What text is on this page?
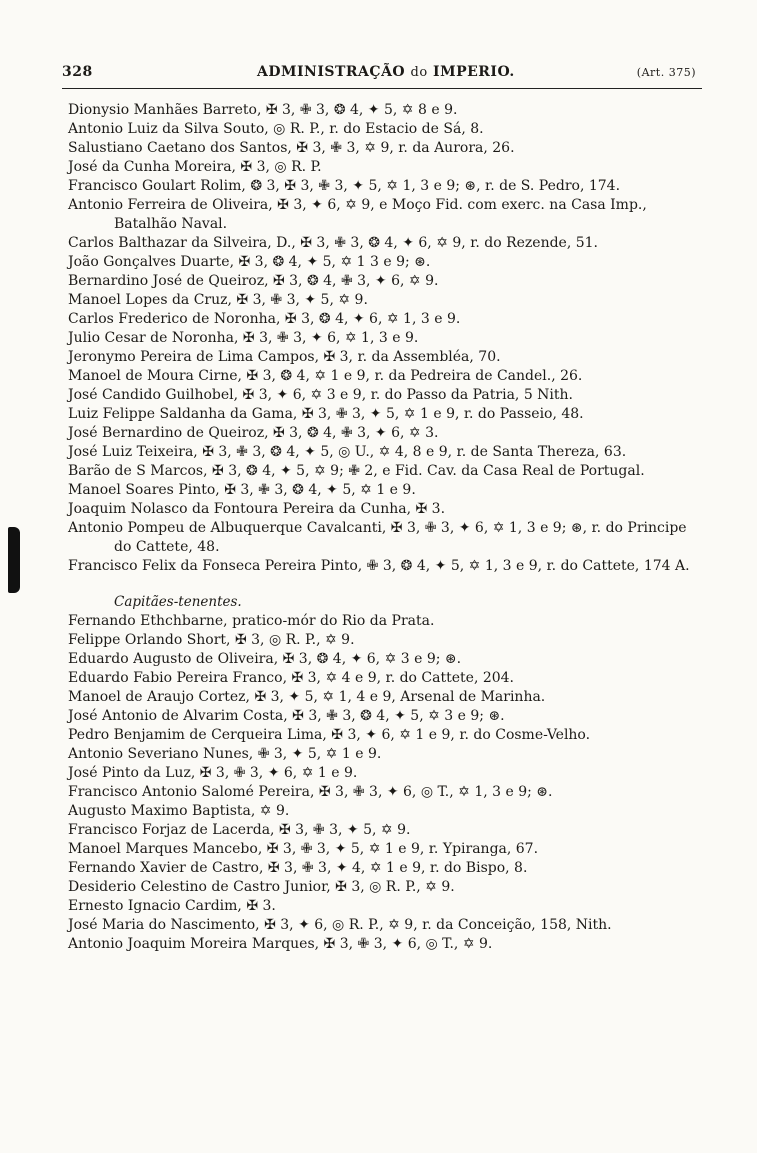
328	ADMINISTRAÇÃO do IMPERIO.	(Art. 375)
Dionysio Manhães Barreto, ✠ 3, ✙ 3, ❂ 4, ✦ 5, ✡ 8 e 9.
Antonio Luiz da Silva Souto, ◎ R. P., r. do Estacio de Sá, 8.
Salustiano Caetano dos Santos, ✠ 3, ✙ 3, ✡ 9, r. da Aurora, 26.
José da Cunha Moreira, ✠ 3, ◎ R. P.
Francisco Goulart Rolim, ❂ 3, ✠ 3, ✙ 3, ✦ 5, ✡ 1, 3 e 9; ⊛, r. de S. Pedro, 174.
Antonio Ferreira de Oliveira, ✠ 3, ✦ 6, ✡ 9, e Moço Fid. com exerc. na Casa Imp., Batalhão Naval.
Carlos Balthazar da Silveira, D., ✠ 3, ✙ 3, ❂ 4, ✦ 6, ✡ 9, r. do Rezende, 51.
João Gonçalves Duarte, ✠ 3, ❂ 4, ✦ 5, ✡ 1 3 e 9; ⊛.
Bernardino José de Queiroz, ✠ 3, ❂ 4, ✙ 3, ✦ 6, ✡ 9.
Manoel Lopes da Cruz, ✠ 3, ✙ 3, ✦ 5, ✡ 9.
Carlos Frederico de Noronha, ✠ 3, ❂ 4, ✦ 6, ✡ 1, 3 e 9.
Julio Cesar de Noronha, ✠ 3, ✙ 3, ✦ 6, ✡ 1, 3 e 9.
Jeronymo Pereira de Lima Campos, ✠ 3, r. da Assembléa, 70.
Manoel de Moura Cirne, ✠ 3, ❂ 4, ✡ 1 e 9, r. da Pedreira de Candel., 26.
José Candido Guilhobel, ✠ 3, ✦ 6, ✡ 3 e 9, r. do Passo da Patria, 5 Nith.
Luiz Felippe Saldanha da Gama, ✠ 3, ✙ 3, ✦ 5, ✡ 1 e 9, r. do Passeio, 48.
José Bernardino de Queiroz, ✠ 3, ❂ 4, ✙ 3, ✦ 6, ✡ 3.
José Luiz Teixeira, ✠ 3, ✙ 3, ❂ 4, ✦ 5, ◎ U., ✡ 4, 8 e 9, r. de Santa Thereza, 63.
Barão de S Marcos, ✠ 3, ❂ 4, ✦ 5, ✡ 9; ✙ 2, e Fid. Cav. da Casa Real de Portugal.
Manoel Soares Pinto, ✠ 3, ✙ 3, ❂ 4, ✦ 5, ✡ 1 e 9.
Joaquim Nolasco da Fontoura Pereira da Cunha, ✠ 3.
Antonio Pompeu de Albuquerque Cavalcanti, ✠ 3, ✙ 3, ✦ 6, ✡ 1, 3 e 9; ⊛, r. do Principe do Cattete, 48.
Francisco Felix da Fonseca Pereira Pinto, ✙ 3, ❂ 4, ✦ 5, ✡ 1, 3 e 9, r. do Cattete, 174 A.
Capitães-tenentes.
Fernando Ethchbarne, pratico-mór do Rio da Prata.
Felippe Orlando Short, ✠ 3, ◎ R. P., ✡ 9.
Eduardo Augusto de Oliveira, ✠ 3, ❂ 4, ✦ 6, ✡ 3 e 9; ⊛.
Eduardo Fabio Pereira Franco, ✠ 3, ✡ 4 e 9, r. do Cattete, 204.
Manoel de Araujo Cortez, ✠ 3, ✦ 5, ✡ 1, 4 e 9, Arsenal de Marinha.
José Antonio de Alvarim Costa, ✠ 3, ✙ 3, ❂ 4, ✦ 5, ✡ 3 e 9; ⊛.
Pedro Benjamim de Cerqueira Lima, ✠ 3, ✦ 6, ✡ 1 e 9, r. do Cosme-Velho.
Antonio Severiano Nunes, ✙ 3, ✦ 5, ✡ 1 e 9.
José Pinto da Luz, ✠ 3, ✙ 3, ✦ 6, ✡ 1 e 9.
Francisco Antonio Salomé Pereira, ✠ 3, ✙ 3, ✦ 6, ◎ T., ✡ 1, 3 e 9; ⊛.
Augusto Maximo Baptista, ✡ 9.
Francisco Forjaz de Lacerda, ✠ 3, ✙ 3, ✦ 5, ✡ 9.
Manoel Marques Mancebo, ✠ 3, ✙ 3, ✦ 5, ✡ 1 e 9, r. Ypiranga, 67.
Fernando Xavier de Castro, ✠ 3, ✙ 3, ✦ 4, ✡ 1 e 9, r. do Bispo, 8.
Desiderio Celestino de Castro Junior, ✠ 3, ◎ R. P., ✡ 9.
Ernesto Ignacio Cardim, ✠ 3.
José Maria do Nascimento, ✠ 3, ✦ 6, ◎ R. P., ✡ 9, r. da Conceição, 158, Nith.
Antonio Joaquim Moreira Marques, ✠ 3, ✙ 3, ✦ 6, ◎ T., ✡ 9.
